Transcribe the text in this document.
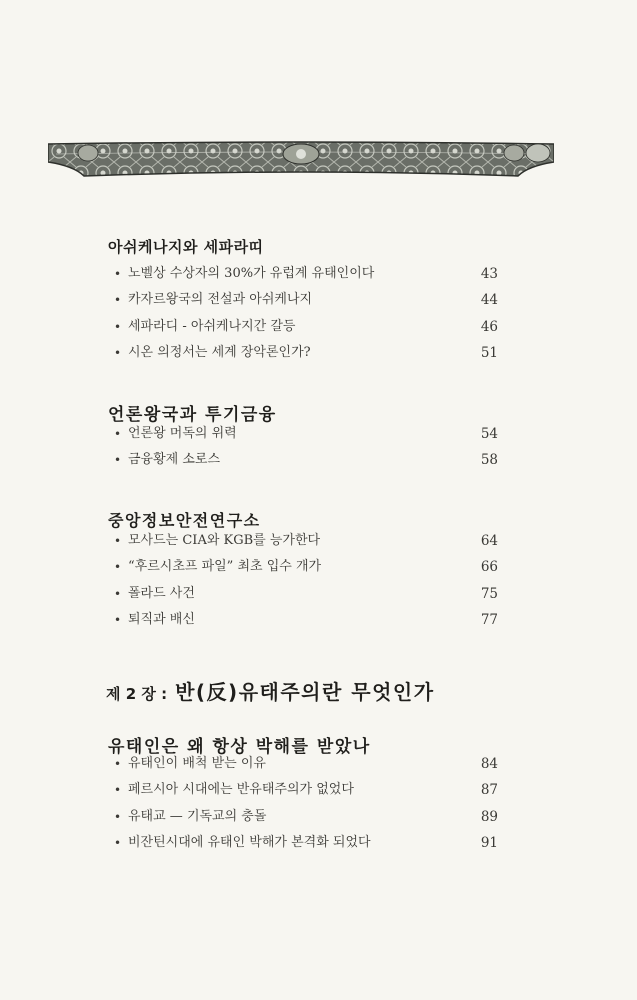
아쉬케나지와 세파라띠
• 노벨상 수상자의 30%가 유럽계 유태인이다	43
• 카자르왕국의 전설과 아쉬케나지	44
• 세파라디 - 아쉬케나지간 갈등	46
• 시온 의정서는 세계 장악론인가?	51
언론왕국과 투기금융
• 언론왕 머독의 위력	54
• 금융황제 소로스	58
중앙정보안전연구소
• 모사드는 CIA와 KGB를 능가한다	64
• “후르시초프 파일” 최초 입수 개가	66
• 폴라드 사건	75
• 퇴직과 배신	77
제 2 장 : 반(反)유태주의란 무엇인가
유태인은 왜 항상 박해를 받았나
• 유태인이 배척 받는 이유	84
• 페르시아 시대에는 반유태주의가 없었다	87
• 유태교 — 기독교의 충돌	89
• 비잔틴시대에 유태인 박해가 본격화 되었다	91
